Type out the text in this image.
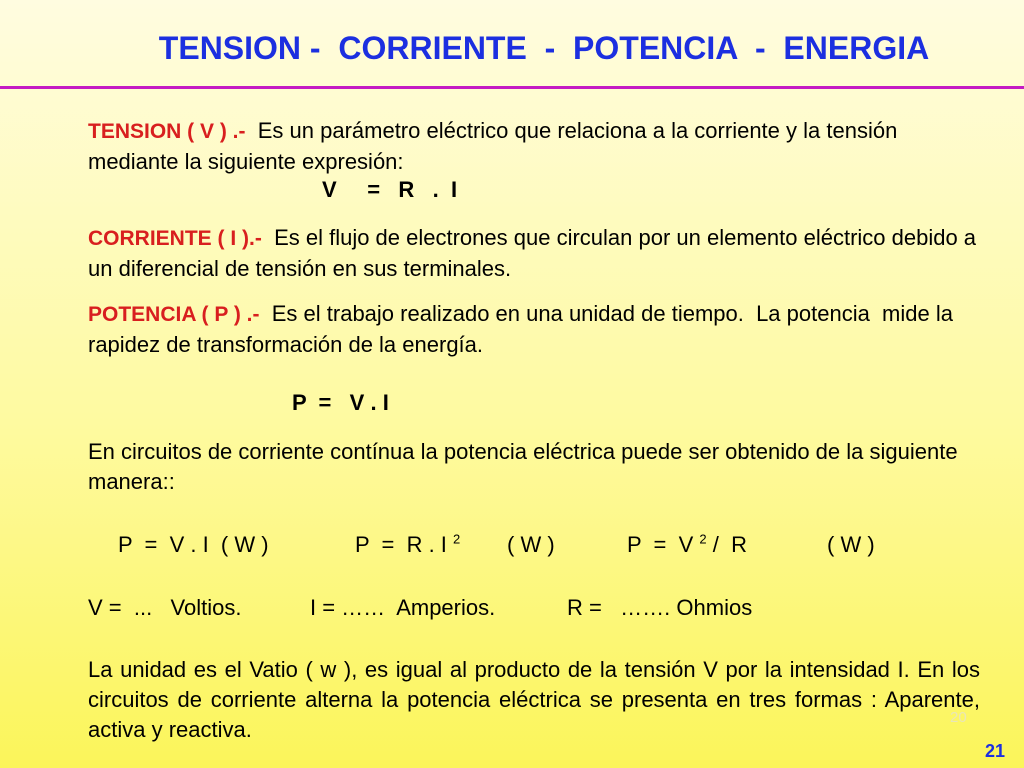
TENSION -  CORRIENTE  -  POTENCIA  -  ENERGIA
TENSION ( V ) .- Es un parámetro eléctrico que relaciona a la corriente y la tensión mediante la siguiente expresión:
V     =   R   .  I
CORRIENTE ( I ).- Es el flujo de electrones que circulan por un elemento eléctrico debido a un diferencial de tensión en sus terminales.
POTENCIA ( P ) .- Es el trabajo realizado en una unidad de tiempo.  La potencia  mide la rapidez de transformación de la energía.
P  =   V . I
En circuitos de corriente contínua la potencia eléctrica puede ser obtenido de la siguiente manera::
P  =  V . I  ( W )	P  =  R . I $^2$ ( W )	P  =  V $^2$ /  R	( W )
V =  ...   Voltios.	I = ……  Amperios.	R =   ……. Ohmios
La unidad es el Vatio ( w ), es igual al producto de la tensión V por la intensidad I. En los circuitos de corriente alterna la potencia eléctrica se presenta en tres formas : Aparente, activa y reactiva.	20
21
